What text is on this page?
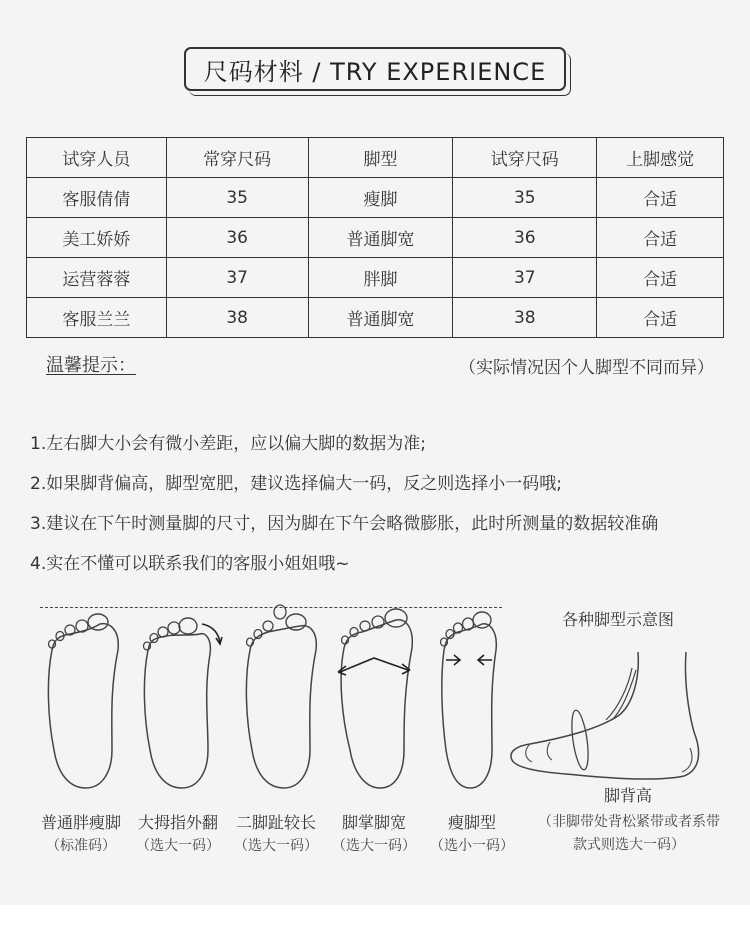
尺码材料 / TRY EXPERIENCE
试穿人员	常穿尺码	脚型	试穿尺码	上脚感觉
客服倩倩	35	瘦脚	35	合适
美工娇娇	36	普通脚宽	36	合适
运营蓉蓉	37	胖脚	37	合适
客服兰兰	38	普通脚宽	38	合适
温馨提示：	（实际情况因个人脚型不同而异）
1.左右脚大小会有微小差距，应以偏大脚的数据为准;
2.如果脚背偏高，脚型宽肥，建议选择偏大一码，反之则选择小一码哦;
3.建议在下午时测量脚的尺寸，因为脚在下午会略微膨胀，此时所测量的数据较准确
4.实在不懂可以联系我们的客服小姐姐哦~
普通胖瘦脚
（标准码）
大拇指外翻
（选大一码）
二脚趾较长
（选大一码）
脚掌脚宽
（选大一码）
瘦脚型
（选小一码）
各种脚型示意图
脚背高
（非脚带处背松紧带或者系带款式则选大一码）
